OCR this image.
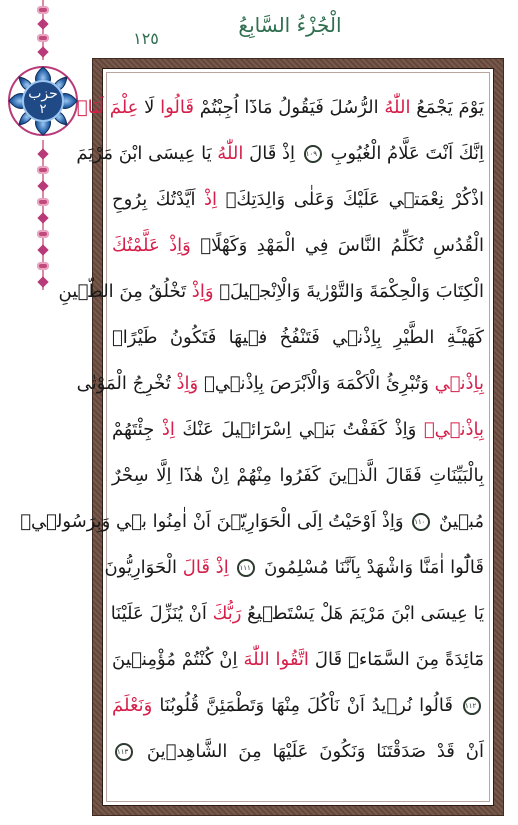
الْجُزْءُ السَّابِعُ
١٢٥
حزب
٢	يَوْمَ يَجْمَعُ اللّٰهُ الرُّسُلَ فَيَقُولُ مَاذَٓا اُجِبْتُمْ قَالُوا لَا عِلْمَ لَنَاۜ
اِنَّكَ اَنْتَ عَلَّامُ الْغُيُوبِ ١٠٩ اِذْ قَالَ اللّٰهُ يَا عِيسَى ابْنَ مَرْيَمَ
اذْكُرْ نِعْمَتٖي عَلَيْكَ وَعَلٰى وَالِدَتِكَۢ اِذْ اَيَّدْتُكَ بِرُوحِ
الْقُدُسِ تُكَلِّمُ النَّاسَ فِي الْمَهْدِ وَكَهْلًاۚ وَاِذْ عَلَّمْتُكَ
الْكِتَابَ وَالْحِكْمَةَ وَالتَّوْرٰيةَ وَالْاِنْجٖيلَۚ وَاِذْ تَخْلُقُ مِنَ الطّٖينِ
كَهَيْـَٔةِ الطَّيْرِ بِاِذْنٖي فَتَنْفُخُ فٖيهَا فَتَكُونُ طَيْرًاۢ
بِاِذْنٖي وَتُبْرِئُ الْاَكْمَهَ وَالْاَبْرَصَ بِاِذْنٖيۚ وَاِذْ تُخْرِجُ الْمَوْتٰى
بِاِذْنٖيۚ وَاِذْ كَفَفْتُ بَنٖي اِسْرَٓائٖيلَ عَنْكَ اِذْ جِئْتَهُمْ
بِالْبَيِّنَاتِ فَقَالَ الَّذٖينَ كَفَرُوا مِنْهُمْ اِنْ هٰذَٓا اِلَّا سِحْرٌ
مُبٖينٌ ١١٠ وَاِذْ اَوْحَيْتُ اِلَى الْحَوَارِيّٖنَ اَنْ اٰمِنُوا بٖي وَبِرَسُولٖيۚ
قَالُٓوا اٰمَنَّا وَاشْهَدْ بِاَنَّنَا مُسْلِمُونَ ١١١ اِذْ قَالَ الْحَوَارِيُّونَ
يَا عِيسَى ابْنَ مَرْيَمَ هَلْ يَسْتَطٖيعُ رَبُّكَ اَنْ يُنَزِّلَ عَلَيْنَا
مَٓائِدَةً مِنَ السَّمَٓاءِۜ قَالَ اتَّقُوا اللّٰهَ اِنْ كُنْتُمْ مُؤْمِنٖينَ
١١٢ قَالُوا نُرٖيدُ اَنْ نَاْكُلَ مِنْهَا وَتَطْمَئِنَّ قُلُوبُنَا وَنَعْلَمَ
اَنْ قَدْ صَدَقْتَنَا وَنَكُونَ عَلَيْهَا مِنَ الشَّاهِدٖينَ ١١٣
